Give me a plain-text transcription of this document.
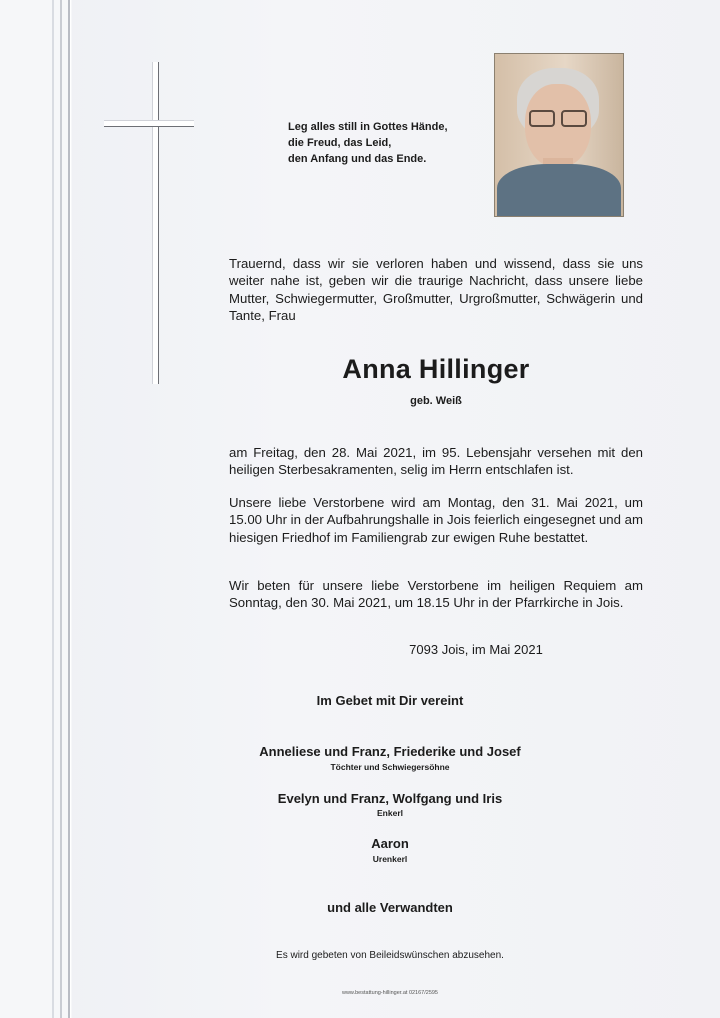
Leg alles still in Gottes Hände,
die Freud, das Leid,
den Anfang und das Ende.
Trauernd, dass wir sie verloren haben und wissend, dass sie uns weiter nahe ist, geben wir die traurige Nachricht, dass unsere liebe Mutter, Schwiegermutter, Großmutter, Urgroßmutter, Schwägerin und Tante, Frau
Anna Hillinger
geb. Weiß
am Freitag, den 28. Mai 2021, im 95. Lebensjahr versehen mit den heiligen Sterbesakramenten, selig im Herrn entschlafen ist.
Unsere liebe Verstorbene wird am Montag, den 31. Mai 2021, um 15.00 Uhr in der Aufbahrungshalle in Jois feierlich eingesegnet und am hiesigen Friedhof im Familiengrab zur ewigen Ruhe bestattet.
Wir beten für unsere liebe Verstorbene im heiligen Requiem am Sonntag, den 30. Mai 2021, um 18.15 Uhr in der Pfarrkirche in Jois.
7093 Jois, im Mai 2021
Im Gebet mit Dir vereint
Anneliese und Franz, Friederike und Josef
Töchter und Schwiegersöhne
Evelyn und Franz, Wolfgang und Iris
Enkerl
Aaron
Urenkerl
und alle Verwandten
Es wird gebeten von Beileidswünschen abzusehen.
www.bestattung-hillinger.at 02167/2595
